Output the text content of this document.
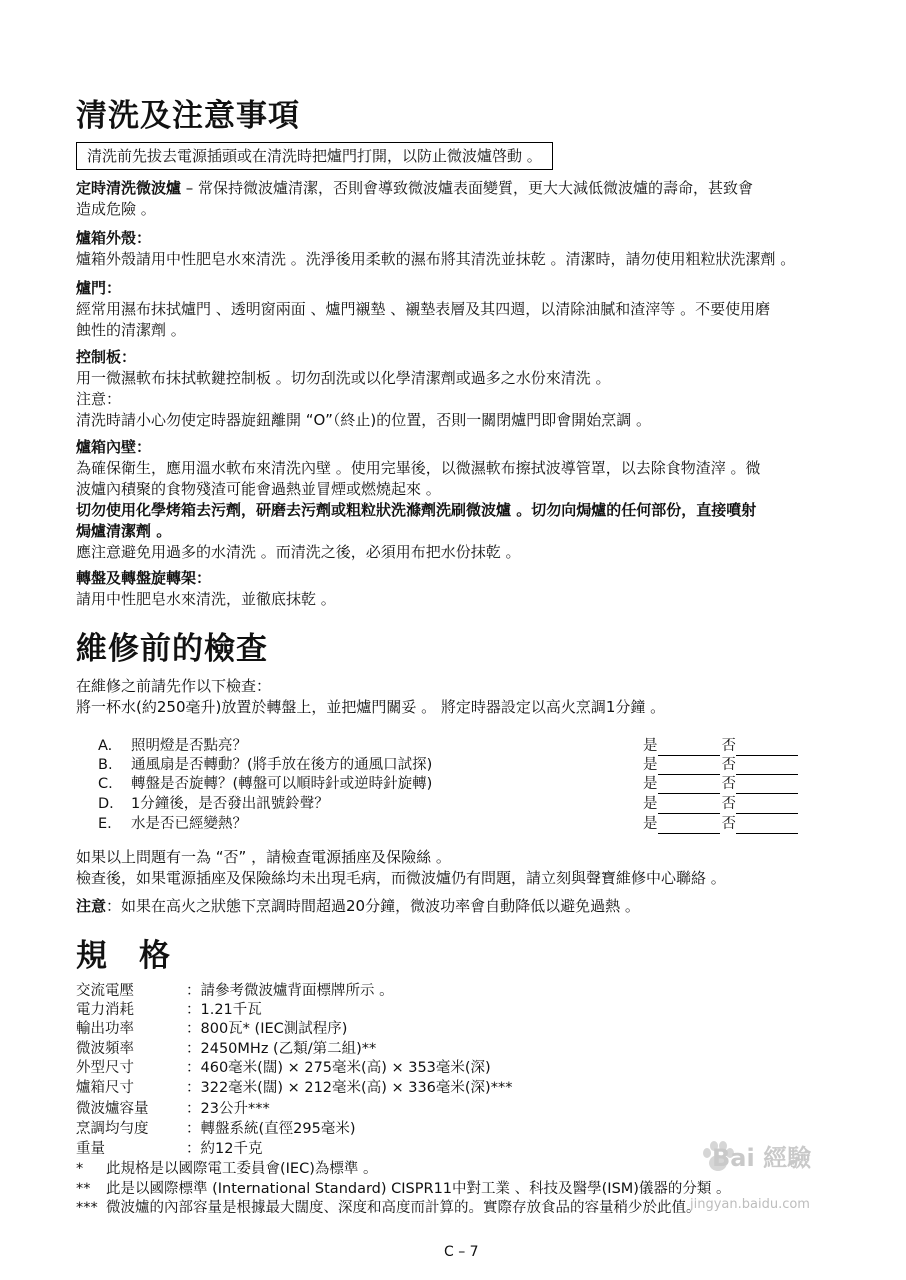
清洗及注意事項
清洗前先拔去電源插頭或在清洗時把爐門打開，以防止微波爐啓動 。
定時清洗微波爐 – 常保持微波爐清潔，否則會導致微波爐表面變質，更大大減低微波爐的壽命，甚致會
造成危險 。
爐箱外殼：
爐箱外殼請用中性肥皂水來清洗 。洗淨後用柔軟的濕布將其清洗並抹乾 。清潔時，請勿使用粗粒狀洗潔劑 。
爐門：
經常用濕布抹拭爐門 、透明窗兩面 、爐門襯墊 、襯墊表層及其四週，以清除油膩和渣滓等 。不要使用磨
蝕性的清潔劑 。
控制板：
用一微濕軟布抹拭軟鍵控制板 。切勿刮洗或以化學清潔劑或過多之水份來清洗 。
注意：
清洗時請小心勿使定時器旋鈕離開 “O”（終止)的位置，否則一關閉爐門即會開始烹調 。
爐箱內壁：
為確保衛生，應用溫水軟布來清洗內壁 。使用完畢後，以微濕軟布擦拭波導管罩，以去除食物渣滓 。微
波爐內積聚的食物殘渣可能會過熱並冒煙或燃燒起來 。
切勿使用化學烤箱去污劑，研磨去污劑或粗粒狀洗滌劑洗刷微波爐 。切勿向焗爐的任何部份，直接噴射
焗爐清潔劑 。
應注意避免用過多的水清洗 。而清洗之後，必須用布把水份抹乾 。
轉盤及轉盤旋轉架：
請用中性肥皂水來清洗，並徹底抹乾 。
維修前的檢查
在維修之前請先作以下檢查：
將一杯水(約250毫升)放置於轉盤上，並把爐門關妥 。 將定時器設定以高火烹調1分鐘 。
A. 照明燈是否點亮？	是	否
B. 通風扇是否轉動？(將手放在後方的通風口試探)	是	否
C. 轉盤是否旋轉？(轉盤可以順時針或逆時針旋轉)	是	否
D. 1分鐘後，是否發出訊號鈴聲？	是	否
E. 水是否已經變熱？	是	否
如果以上問題有一為 “否” ，請檢查電源插座及保險絲 。
檢查後，如果電源插座及保險絲均未出現毛病，而微波爐仍有問題，請立刻與聲寶維修中心聯絡 。
注意：如果在高火之狀態下烹調時間超過20分鐘，微波功率會自動降低以避免過熱 。
規格
交流電壓	：請參考微波爐背面標牌所示 。
電力消耗	：1.21千瓦
輸出功率	：800瓦* (IEC測試程序)
微波頻率	：2450MHz (乙類/第二組)**
外型尺寸	：460毫米(闊) × 275毫米(高) × 353毫米(深)
爐箱尺寸	：322毫米(闊) × 212毫米(高) × 336毫米(深)***
微波爐容量	：23公升***
烹調均勻度	：轉盤系統(直徑295毫米)
重量	：約12千克
* 此規格是以國際電工委員會(IEC)為標準 。
** 此是以國際標準 (International Standard) CISPR11中對工業 、科技及醫學(ISM)儀器的分類 。
*** 微波爐的內部容量是根據最大闊度、深度和高度而計算的。實際存放食品的容量稍少於此值。
Bai 經驗
jingyan.baidu.com
C – 7
